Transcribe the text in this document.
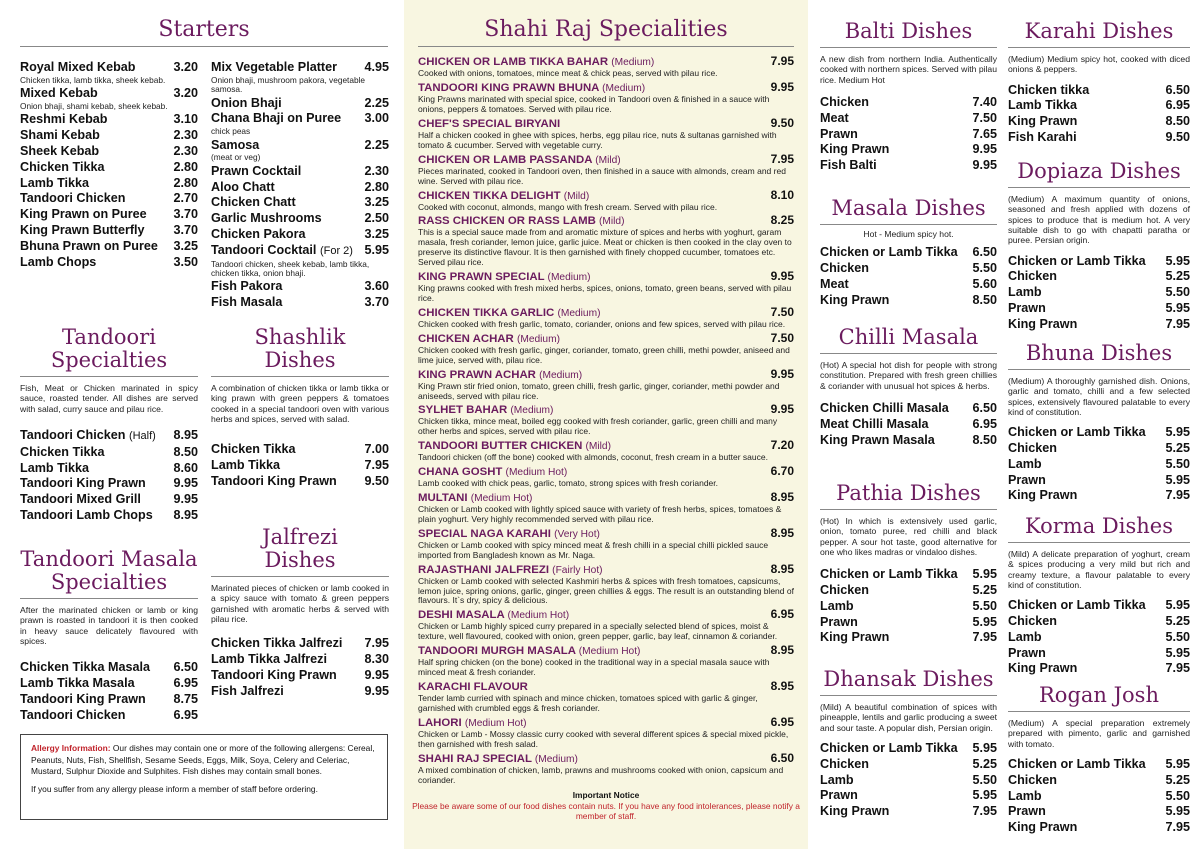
Starters
Royal Mixed Kebab	3.20
Chicken tikka, lamb tikka, sheek kebab.
Mixed Kebab	3.20
Onion bhaji, shami kebab, sheek kebab.
Reshmi Kebab	3.10
Shami Kebab	2.30
Sheek Kebab	2.30
Chicken Tikka	2.80
Lamb Tikka	2.80
Tandoori Chicken	2.70
King Prawn on Puree 3.70
King Prawn Butterfly 3.70
Bhuna Prawn on Puree 3.25
Lamb Chops	3.50
Mix Vegetable Platter 4.95
Onion bhaji, mushroom pakora, vegetable samosa.
Onion Bhaji	2.25
Chana Bhaji on Puree 3.00
chick peas
Samosa	2.25
(meat or veg)
Prawn Cocktail	2.30
Aloo Chatt	2.80
Chicken Chatt	3.25
Garlic Mushrooms	2.50
Chicken Pakora	3.25
Tandoori Cocktail (For 2) 5.95
Tandoori chicken, sheek kebab, lamb tikka, chicken tikka, onion bhaji.
Fish Pakora	3.60
Fish Masala	3.70
Tandoori
Specialties
Fish, Meat or Chicken marinated in spicy sauce, roasted tender. All dishes are served with salad, curry sauce and pilau rice.
Tandoori Chicken (Half) 8.95
Chicken Tikka	8.50
Lamb Tikka	8.60
Tandoori King Prawn 9.95
Tandoori Mixed Grill	9.95
Tandoori Lamb Chops 8.95
Shashlik
Dishes
A combination of chicken tikka or lamb tikka or king prawn with green peppers & tomatoes cooked in a special tandoori oven with various herbs and spices, served with salad.
Chicken Tikka	7.00
Lamb Tikka	7.95
Tandoori King Prawn 9.50
Tandoori Masala
Specialties
After the marinated chicken or lamb or king prawn is roasted in tandoori it is then cooked in heavy sauce delicately flavoured with spices.
Chicken Tikka Masala 6.50
Lamb Tikka Masala	6.95
Tandoori King Prawn 8.75
Tandoori Chicken	6.95
Jalfrezi
Dishes
Marinated pieces of chicken or lamb cooked in a spicy sauce with tomato & green peppers garnished with aromatic herbs & served with pilau rice.
Chicken Tikka Jalfrezi 7.95
Lamb Tikka Jalfrezi	8.30
Tandoori King Prawn 9.95
Fish Jalfrezi	9.95
Allergy Information: Our dishes may contain one or more of the following allergens: Cereal, Peanuts, Nuts, Fish, Shellfish, Sesame Seeds, Eggs, Milk, Soya, Celery and Celeriac, Mustard, Sulphur Dioxide and Sulphites. Fish dishes may contain small bones.
If you suffer from any allergy please inform a member of staff before ordering.
Shahi Raj Specialities
CHICKEN OR LAMB TIKKA BAHAR (Medium)	7.95
Cooked with onions, tomatoes, mince meat & chick peas, served with pilau rice.
TANDOORI KING PRAWN BHUNA (Medium)	9.95
King Prawns marinated with special spice, cooked in Tandoori oven & finished in a sauce with onions, peppers & tomatoes. Served with pilau rice.
CHEF'S SPECIAL BIRYANI	9.50
Half a chicken cooked in ghee with spices, herbs, egg pilau rice, nuts & sultanas garnished with tomato & cucumber. Served with vegetable curry.
CHICKEN OR LAMB PASSANDA (Mild)	7.95
Pieces marinated, cooked in Tandoori oven, then finished in a sauce with almonds, cream and red wine. Served with pilau rice.
CHICKEN TIKKA DELIGHT (Mild)	8.10
Cooked with coconut, almonds, mango with fresh cream. Served with pilau rice.
RASS CHICKEN OR RASS LAMB (Mild)	8.25
This is a special sauce made from and aromatic mixture of spices and herbs with yoghurt, garam masala, fresh coriander, lemon juice, garlic juice. Meat or chicken is then cooked in the clay oven to preserve its distinctive flavour. It is then garnished with finely chopped cucumber, tomatoes etc. Served pilau rice.
KING PRAWN SPECIAL (Medium)	9.95
King prawns cooked with fresh mixed herbs, spices, onions, tomato, green beans, served with pilau rice.
CHICKEN TIKKA GARLIC (Medium)	7.50
Chicken cooked with fresh garlic, tomato, coriander, onions and few spices, served with pilau rice.
CHICKEN ACHAR (Medium)	7.50
Chicken cooked with fresh garlic, ginger, coriander, tomato, green chilli, methi powder, aniseed and lime juice, served with, pilau rice.
KING PRAWN ACHAR (Medium)	9.95
King Prawn stir fried onion, tomato, green chilli, fresh garlic, ginger, coriander, methi powder and aniseeds, served with pilau rice.
SYLHET BAHAR (Medium)	9.95
Chicken tikka, mince meat, boiled egg cooked with fresh coriander, garlic, green chilli and many other herbs and spices, served with pilau rice.
TANDOORI BUTTER CHICKEN (Mild)	7.20
Tandoori chicken (off the bone) cooked with almonds, coconut, fresh cream in a butter sauce.
CHANA GOSHT (Medium Hot)	6.70
Lamb cooked with chick peas, garlic, tomato, strong spices with fresh coriander.
MULTANI (Medium Hot)	8.95
Chicken or Lamb cooked with lightly spiced sauce with variety of fresh herbs, spices, tomatoes & plain yoghurt. Very highly recommended served with pilau rice.
SPECIAL NAGA KARAHI (Very Hot)	8.95
Chicken or Lamb cooked with spicy minced meat & fresh chilli in a special chilli pickled sauce imported from Bangladesh known as Mr. Naga.
RAJASTHANI JALFREZI (Fairly Hot)	8.95
Chicken or Lamb cooked with selected Kashmiri herbs & spices with fresh tomatoes, capsicums, lemon juice, spring onions, garlic, ginger, green chillies & eggs. The result is an outstanding blend of flavours. It`s dry, spicy & delicious.
DESHI MASALA (Medium Hot)	6.95
Chicken or Lamb highly spiced curry prepared in a specially selected blend of spices, moist & texture, well flavoured, cooked with onion, green pepper, garlic, bay leaf, cinnamon & coriander.
TANDOORI MURGH MASALA (Medium Hot)	8.95
Half spring chicken (on the bone) cooked in the traditional way in a special masala sauce with minced meat & fresh coriander.
KARACHI FLAVOUR	8.95
Tender lamb curried with spinach and mince chicken, tomatoes spiced with garlic & ginger, garnished with crumbled eggs & fresh coriander.
LAHORI (Medium Hot)	6.95
Chicken or Lamb - Mossy classic curry cooked with several different spices & special mixed pickle, then garnished with fresh salad.
SHAHI RAJ SPECIAL (Medium)	6.50
A mixed combination of chicken, lamb, prawns and mushrooms cooked with onion, capsicum and coriander.
Important Notice
Please be aware some of our food dishes contain nuts. If you have any food intolerances, please notify a member of staff.
Balti Dishes
A new dish from northern India. Authentically cooked with northern spices. Served with pilau rice. Medium Hot
Chicken	7.40
Meat	7.50
Prawn	7.65
King Prawn	9.95
Fish Balti	9.95
Masala Dishes
Hot - Medium spicy hot.
Chicken or Lamb Tikka 6.50
Chicken	5.50
Meat	5.60
King Prawn	8.50
Chilli Masala
(Hot) A special hot dish for people with strong constitution. Prepared with fresh green chillies & coriander with unusual hot spices & herbs.
Chicken Chilli Masala 6.50
Meat Chilli Masala	6.95
King Prawn Masala	8.50
Pathia Dishes
(Hot) In which is extensively used garlic, onion, tomato puree, red chilli and black pepper. A sour hot taste, good alternative for one who likes madras or vindaloo dishes.
Chicken or Lamb Tikka 5.95
Chicken	5.25
Lamb	5.50
Prawn	5.95
King Prawn	7.95
Dhansak Dishes
(Mild) A beautiful combination of spices with pineapple, lentils and garlic producing a sweet and sour taste. A popular dish, Persian origin.
Chicken or Lamb Tikka 5.95
Chicken	5.25
Lamb	5.50
Prawn	5.95
King Prawn	7.95
Karahi Dishes
(Medium) Medium spicy hot, cooked with diced onions & peppers.
Chicken tikka	6.50
Lamb Tikka	6.95
King Prawn	8.50
Fish Karahi	9.50
Dopiaza Dishes
(Medium) A maximum quantity of onions, seasoned and fresh applied with dozens of spices to produce that is medium hot. A very suitable dish to go with chapatti paratha or puree. Persian origin.
Chicken or Lamb Tikka 5.95
Chicken	5.25
Lamb	5.50
Prawn	5.95
King Prawn	7.95
Bhuna Dishes
(Medium) A thoroughly garnished dish. Onions, garlic and tomato, chilli and a few selected spices, extensively flavoured palatable to every kind of constitution.
Chicken or Lamb Tikka 5.95
Chicken	5.25
Lamb	5.50
Prawn	5.95
King Prawn	7.95
Korma Dishes
(Mild) A delicate preparation of yoghurt, cream & spices producing a very mild but rich and creamy texture, a flavour palatable to every kind of constitution.
Chicken or Lamb Tikka 5.95
Chicken	5.25
Lamb	5.50
Prawn	5.95
King Prawn	7.95
Rogan Josh
(Medium) A special preparation extremely prepared with pimento, garlic and garnished with tomato.
Chicken or Lamb Tikka 5.95
Chicken	5.25
Lamb	5.50
Prawn	5.95
King Prawn	7.95
